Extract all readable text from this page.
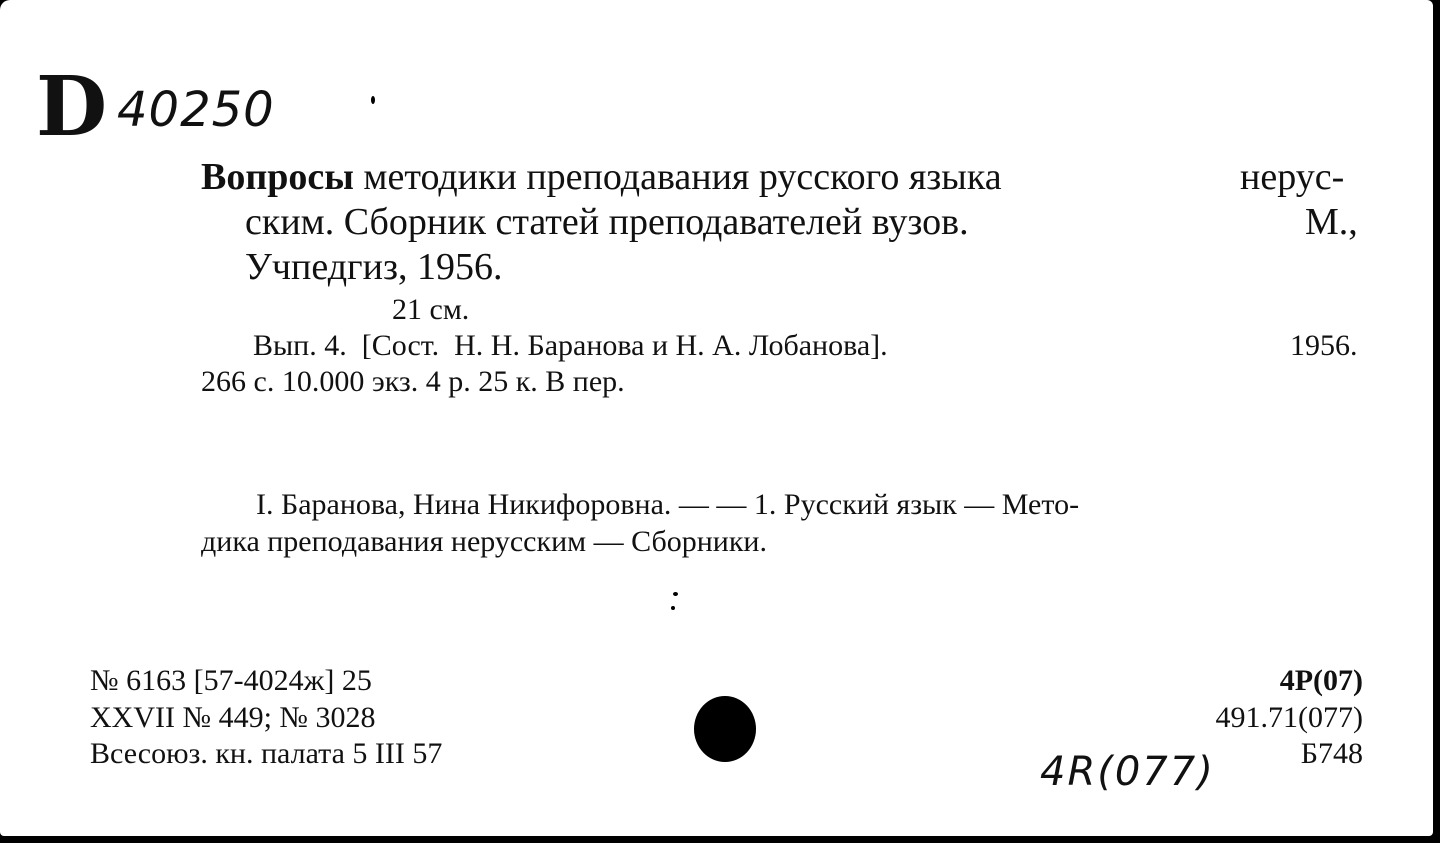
D 40250
Вопросы методики преподавания русского языка	нерус-
ским. Сборник статей преподавателей вузов.	М.,
Учпедгиз, 1956.
21 см.
Вып. 4.  [Сост.  Н. Н. Баранова и Н. А. Лобанова].	1956.
266 с. 10.000 экз. 4 р. 25 к. В пер.
I. Баранова, Нина Никифоровна. — — 1. Русский язык — Мето-
дика преподавания нерусским — Сборники.
№ 6163 [57-4024ж] 25
XXVII № 449; № 3028
Всесоюз. кн. палата 5 III 57
4Р(07)
491.71(077)
Б748
4R(077)
